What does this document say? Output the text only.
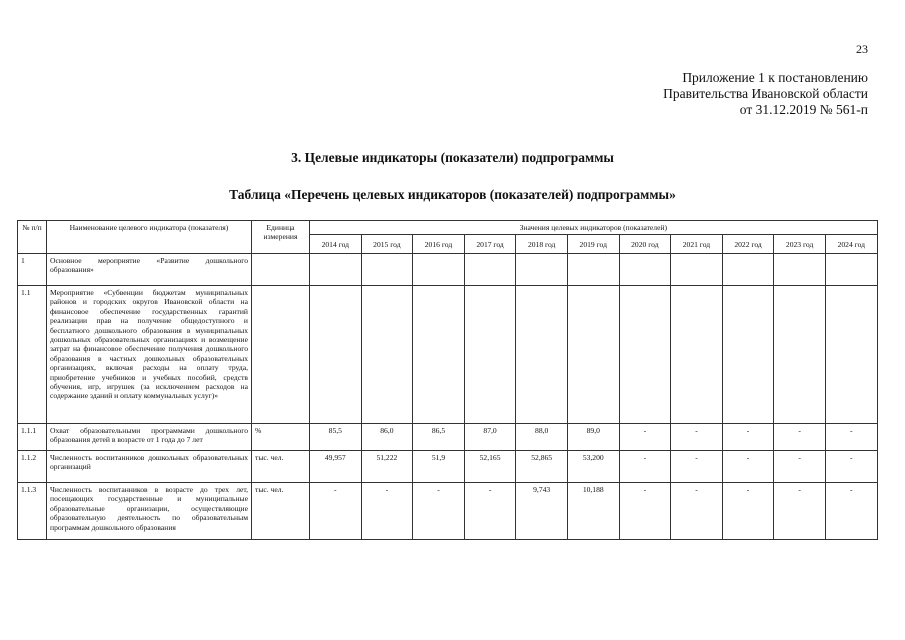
23
Приложение 1 к постановлению
Правительства Ивановской области
от 31.12.2019 № 561-п
3. Целевые индикаторы (показатели) подпрограммы
Таблица «Перечень целевых индикаторов (показателей) подпрограммы»
№ п/п	Наименование целевого индикатора (показателя)	Единица измерения	Значения целевых индикаторов (показателей)										
			2014 год	2015 год	2016 год	2017 год	2018 год	2019 год	2020 год	2021 год	2022 год	2023 год	2024 год
1	Основное мероприятие «Развитие дошкольного образования»												
1.1	Мероприятие «Субвенции бюджетам муниципальных районов и городских округов Ивановской области на финансовое обеспечение государственных гарантий реализации прав на получение общедоступного и бесплатного дошкольного образования в муниципальных дошкольных образовательных организациях и возмещение затрат на финансовое обеспечение получения дошкольного образования в частных дошкольных образовательных организациях, включая расходы на оплату труда, приобретение учебников и учебных пособий, средств обучения, игр, игрушек (за исключением расходов на содержание зданий и оплату коммунальных услуг)»												
1.1.1	Охват образовательными программами дошкольного образования детей в возрасте от 1 года до 7 лет	%	85,5	86,0	86,5	87,0	88,0	89,0	-	-	-	-	-
1.1.2	Численность воспитанников дошкольных образовательных организаций	тыс. чел.	49,957	51,222	51,9	52,165	52,865	53,200	-	-	-	-	-
1.1.3	Численность воспитанников в возрасте до трех лет, посещающих государственные и муниципальные образовательные организации, осуществляющие образовательную деятельность по образовательным программам дошкольного образования	тыс. чел.	-	-	-	-	9,743	10,188	-	-	-	-	-
